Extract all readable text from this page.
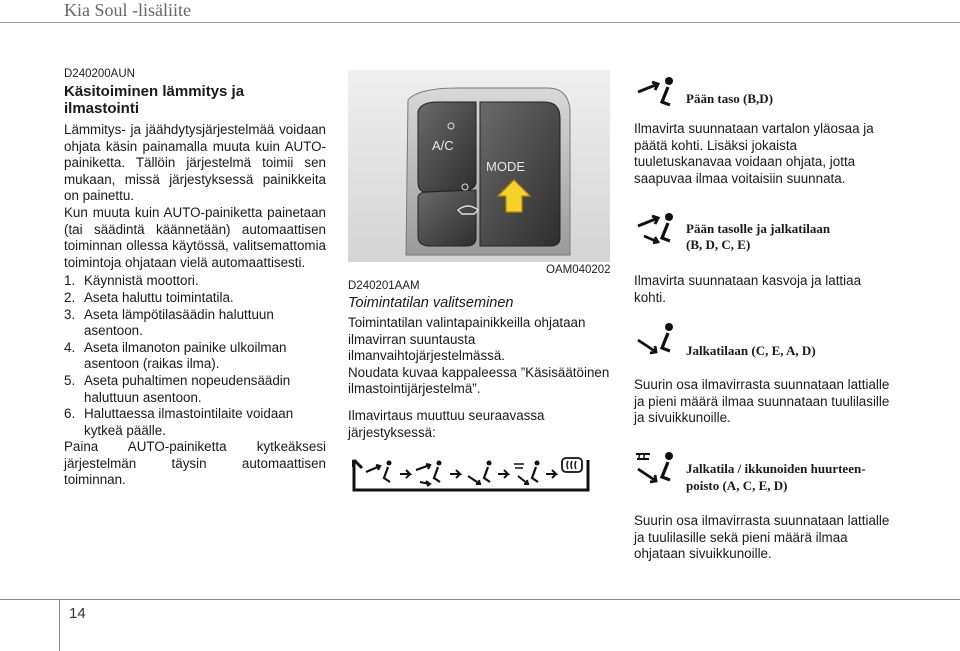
Kia Soul -lisäliite

D240200AUN

Käsitoiminen lämmitys ja ilmastointi

Lämmitys- ja jäähdytysjärjestelmää voidaan ohjata käsin painamalla muuta kuin AUTO-painiketta. Tällöin järjestelmä toimii sen mukaan, missä järjestyksessä painikkeita on painettu.

Kun muuta kuin AUTO-painiketta painetaan (tai säädintä käännetään) automaattisen toiminnan ollessa käytössä, valitsemattomia toimintoja ohjataan vielä automaattisesti.

1. Käynnistä moottori.
2. Aseta haluttu toimintatila.
3. Aseta lämpötilasäädin haluttuun asentoon.
4. Aseta ilmanoton painike ulkoilman asentoon (raikas ilma).
5. Aseta puhaltimen nopeudensäädin haluttuun asentoon.
6. Haluttaessa ilmastointilaite voidaan kytkeä päälle.

Paina AUTO-painiketta kytkeäksesi järjestelmän täysin automaattisen toiminnan.

A/C
MODE
OAM040202

D240201AAM

Toimintatilan valitseminen

Toimintatilan valintapainikkeilla ohjataan ilmavirran suuntausta ilmanvaihtojärjestelmässä.

Noudata kuvaa kappaleessa ”Käsisäätöinen ilmastointijärjestelmä”.

Ilmavirtaus muuttuu seuraavassa järjestyksessä:

Pään taso (B,D)
Ilmavirta suunnataan vartalon yläosaa ja päätä kohti. Lisäksi jokaista tuuletuskanavaa voidaan ohjata, jotta saapuvaa ilmaa voitaisiin suunnata.
Pään tasolle ja jalkatilaan
(B, D, C, E)
Ilmavirta suunnataan kasvoja ja lattiaa kohti.
Jalkatilaan (C, E, A, D)
Suurin osa ilmavirrasta suunnataan lattialle ja pieni määrä ilmaa suunnataan tuulilasille ja sivuikkunoille.
Jalkatila / ikkunoiden huurteen-
poisto (A, C, E, D)
Suurin osa ilmavirrasta suunnataan lattialle ja tuulilasille sekä pieni määrä ilmaa ohjataan sivuikkunoille.
14
